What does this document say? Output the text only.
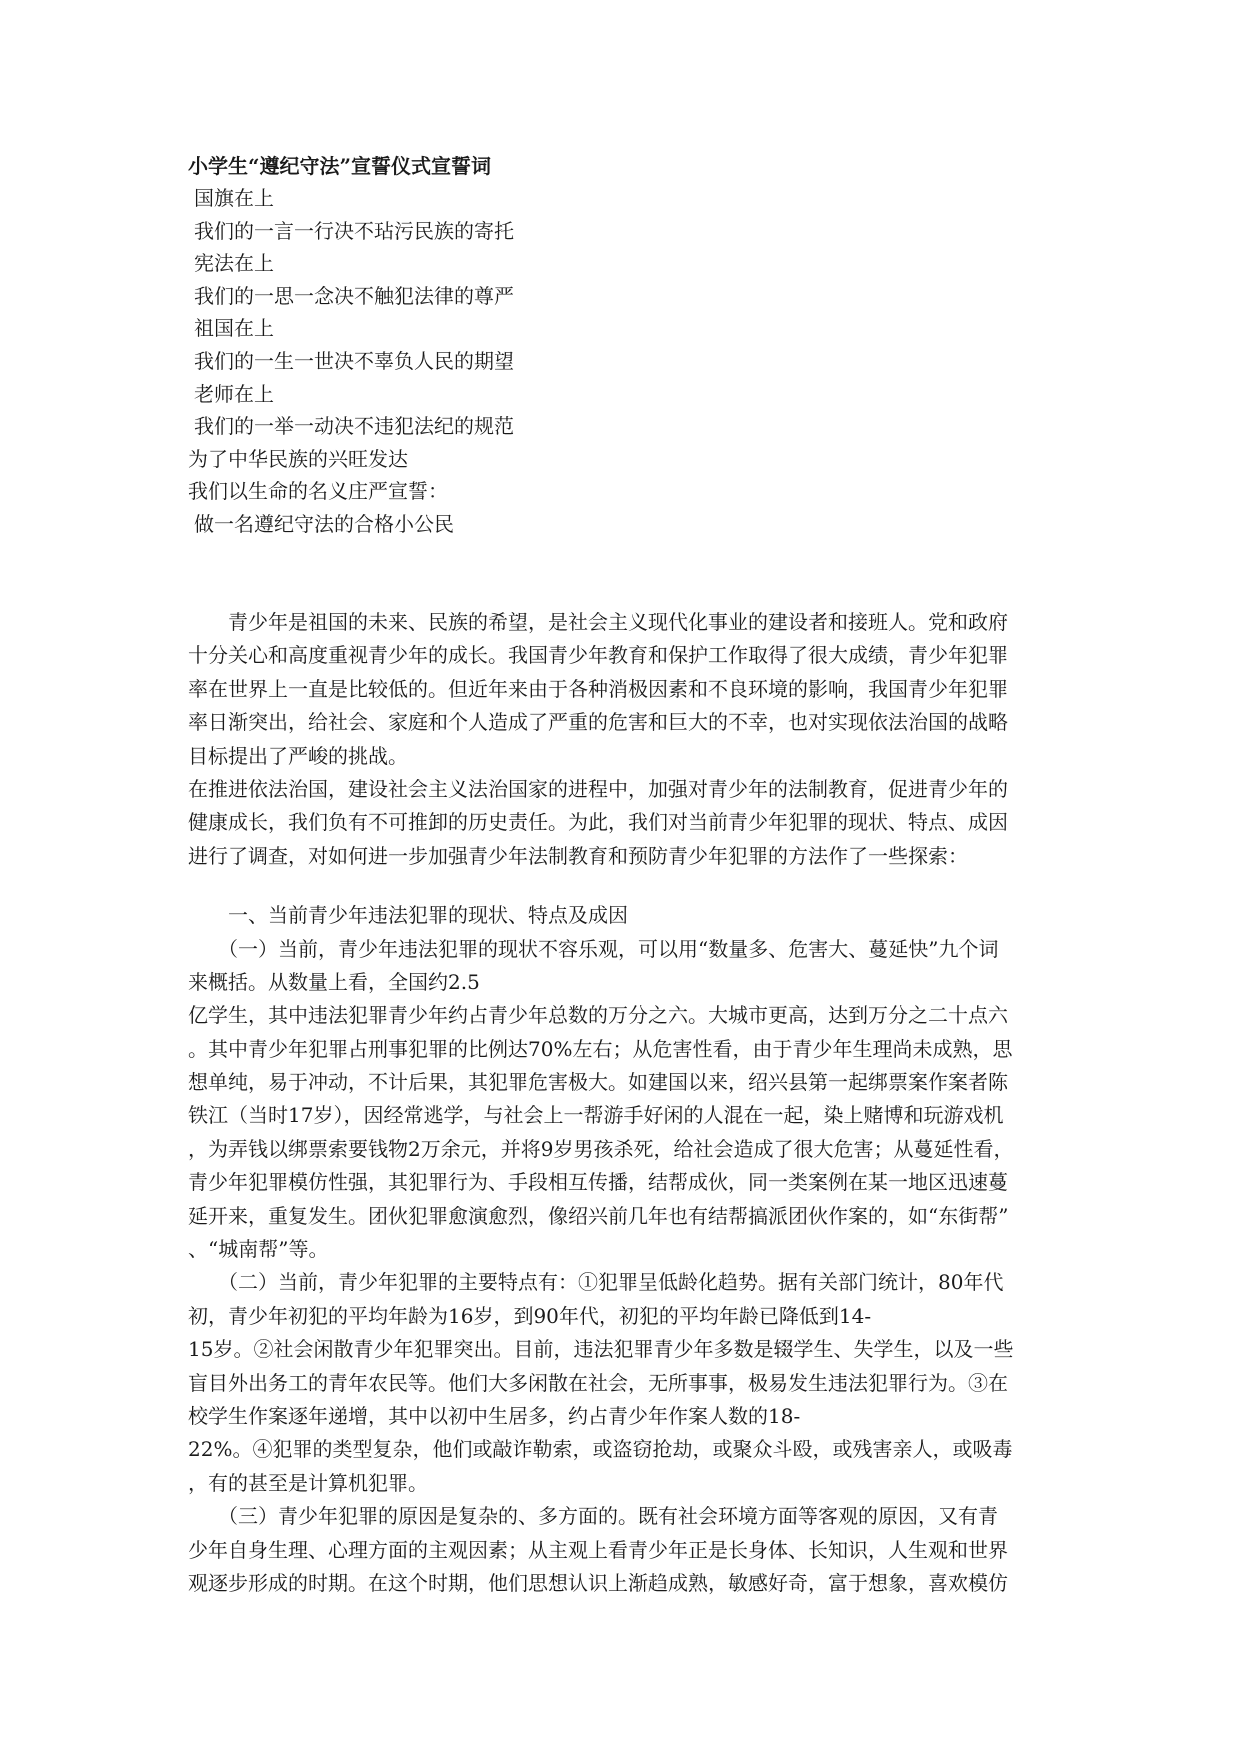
小学生“遵纪守法”宣誓仪式宣誓词
国旗在上
我们的一言一行决不玷污民族的寄托
宪法在上
我们的一思一念决不触犯法律的尊严
祖国在上
我们的一生一世决不辜负人民的期望
老师在上
我们的一举一动决不违犯法纪的规范
为了中华民族的兴旺发达
我们以生命的名义庄严宣誓：
做一名遵纪守法的合格小公民
　　青少年是祖国的未来、民族的希望，是社会主义现代化事业的建设者和接班人。党和政府
十分关心和高度重视青少年的成长。我国青少年教育和保护工作取得了很大成绩，青少年犯罪
率在世界上一直是比较低的。但近年来由于各种消极因素和不良环境的影响，我国青少年犯罪
率日渐突出，给社会、家庭和个人造成了严重的危害和巨大的不幸，也对实现依法治国的战略
目标提出了严峻的挑战。
在推进依法治国，建设社会主义法治国家的进程中，加强对青少年的法制教育，促进青少年的
健康成长，我们负有不可推卸的历史责任。为此，我们对当前青少年犯罪的现状、特点、成因
进行了调查，对如何进一步加强青少年法制教育和预防青少年犯罪的方法作了一些探索：
　　一、当前青少年违法犯罪的现状、特点及成因
　　（一）当前，青少年违法犯罪的现状不容乐观，可以用“数量多、危害大、蔓延快”九个词
来概括。从数量上看，全国约2.5
亿学生，其中违法犯罪青少年约占青少年总数的万分之六。大城市更高，达到万分之二十点六
。其中青少年犯罪占刑事犯罪的比例达70%左右；从危害性看，由于青少年生理尚未成熟，思
想单纯，易于冲动，不计后果，其犯罪危害极大。如建国以来，绍兴县第一起绑票案作案者陈
铁江（当时17岁），因经常逃学，与社会上一帮游手好闲的人混在一起，染上赌博和玩游戏机
，为弄钱以绑票索要钱物2万余元，并将9岁男孩杀死，给社会造成了很大危害；从蔓延性看，
青少年犯罪模仿性强，其犯罪行为、手段相互传播，结帮成伙，同一类案例在某一地区迅速蔓
延开来，重复发生。团伙犯罪愈演愈烈，像绍兴前几年也有结帮搞派团伙作案的，如“东街帮”
、“城南帮”等。
　　（二）当前，青少年犯罪的主要特点有：①犯罪呈低龄化趋势。据有关部门统计，80年代
初，青少年初犯的平均年龄为16岁，到90年代，初犯的平均年龄已降低到14-
15岁。②社会闲散青少年犯罪突出。目前，违法犯罪青少年多数是辍学生、失学生，以及一些
盲目外出务工的青年农民等。他们大多闲散在社会，无所事事，极易发生违法犯罪行为。③在
校学生作案逐年递增，其中以初中生居多，约占青少年作案人数的18-
22%。④犯罪的类型复杂，他们或敲诈勒索，或盗窃抢劫，或聚众斗殴，或残害亲人，或吸毒
，有的甚至是计算机犯罪。
　　（三）青少年犯罪的原因是复杂的、多方面的。既有社会环境方面等客观的原因，又有青
少年自身生理、心理方面的主观因素；从主观上看青少年正是长身体、长知识，人生观和世界
观逐步形成的时期。在这个时期，他们思想认识上渐趋成熟，敏感好奇，富于想象，喜欢模仿
